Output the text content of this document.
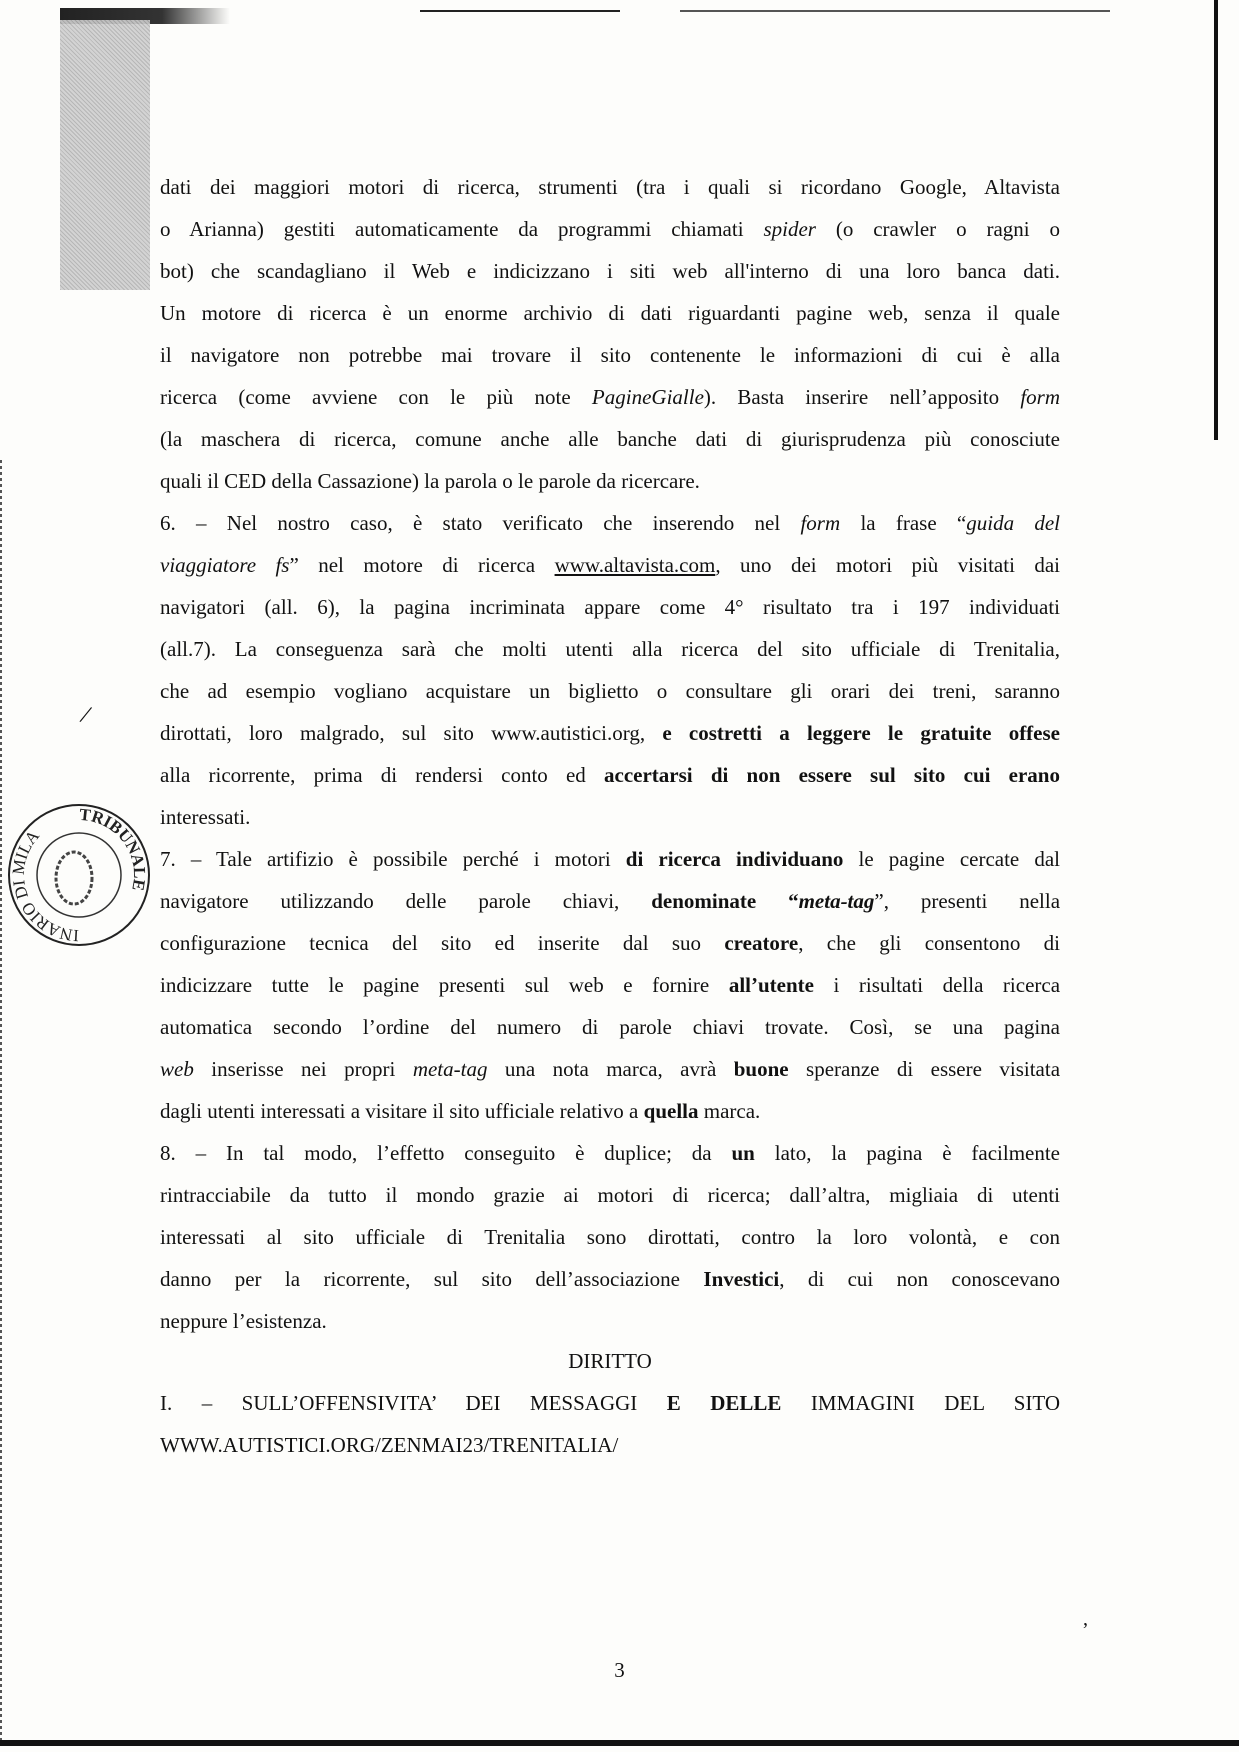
INARIO DI MILA
TRIBUNALE
/
,
dati dei maggiori motori di ricerca, strumenti (tra i quali si ricordano Google, Altavista
o Arianna) gestiti automaticamente da programmi chiamati spider (o crawler o ragni o
bot) che scandagliano il Web e indicizzano i siti web all'interno di una loro banca dati.
Un motore di ricerca è un enorme archivio di dati riguardanti pagine web, senza il quale
il navigatore non potrebbe mai trovare il sito contenente le informazioni di cui è alla
ricerca (come avviene con le più note PagineGialle). Basta inserire nell’apposito form
(la maschera di ricerca, comune anche alle banche dati di giurisprudenza più conosciute
quali il CED della Cassazione) la parola o le parole da ricercare.
6. – Nel nostro caso, è stato verificato che inserendo nel form la frase “guida del
viaggiatore fs” nel motore di ricerca www.altavista.com, uno dei motori più visitati dai
navigatori (all. 6), la pagina incriminata appare come 4° risultato tra i 197 individuati
(all.7). La conseguenza sarà che molti utenti alla ricerca del sito ufficiale di Trenitalia,
che ad esempio vogliano acquistare un biglietto o consultare gli orari dei treni, saranno
dirottati, loro malgrado, sul sito www.autistici.org, e costretti a leggere le gratuite offese
alla ricorrente, prima di rendersi conto ed accertarsi di non essere sul sito cui erano
interessati.
7. – Tale artifizio è possibile perché i motori di ricerca individuano le pagine cercate dal
navigatore utilizzando delle parole chiavi, denominate “meta-tag”, presenti nella
configurazione tecnica del sito ed inserite dal suo creatore, che gli consentono di
indicizzare tutte le pagine presenti sul web e fornire all’utente i risultati della ricerca
automatica secondo l’ordine del numero di parole chiavi trovate. Così, se una pagina
web inserisse nei propri meta-tag una nota marca, avrà buone speranze di essere visitata
dagli utenti interessati a visitare il sito ufficiale relativo a quella marca.
8. – In tal modo, l’effetto conseguito è duplice; da un lato, la pagina è facilmente
rintracciabile da tutto il mondo grazie ai motori di ricerca; dall’altra, migliaia di utenti
interessati al sito ufficiale di Trenitalia sono dirottati, contro la loro volontà, e con
danno per la ricorrente, sul sito dell’associazione Investici, di cui non conoscevano
neppure l’esistenza.
DIRITTO
I. – SULL’OFFENSIVITA’ DEI MESSAGGI E DELLE IMMAGINI DEL SITO
WWW.AUTISTICI.ORG/ZENMAI23/TRENITALIA/
3
